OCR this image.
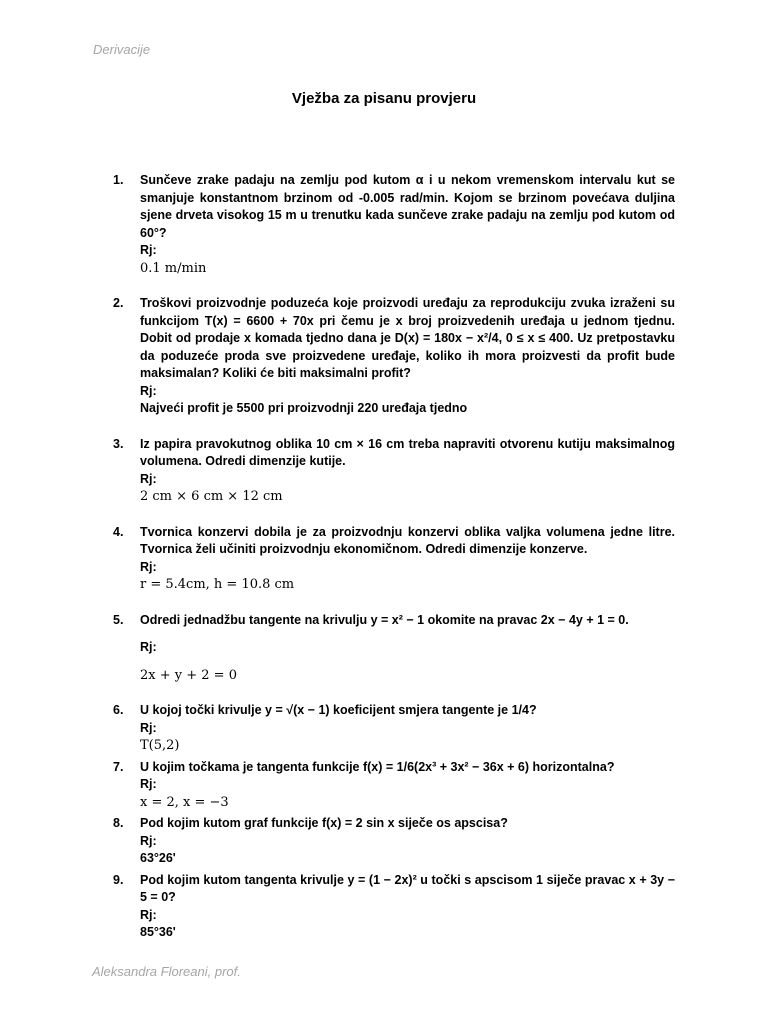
Derivacije
Vježba za pisanu provjeru
1. Sunčeve zrake padaju na zemlju pod kutom α i u nekom vremenskom intervalu kut se smanjuje konstantnom brzinom od -0.005 rad/min. Kojom se brzinom povećava duljina sjene drveta visokog 15 m u trenutku kada sunčeve zrake padaju na zemlju pod kutom od 60°?
Rj:
0.1 m/min
2. Troškovi proizvodnje poduzeća koje proizvodi uređaju za reprodukciju zvuka izraženi su funkcijom T(x) = 6600 + 70x pri čemu je x broj proizvedenih uređaja u jednom tjednu. Dobit od prodaje x komada tjedno dana je D(x) = 180x − x²/4, 0 ≤ x ≤ 400. Uz pretpostavku da poduzeće proda sve proizvedene uređaje, koliko ih mora proizvesti da profit bude maksimalan? Koliki će biti maksimalni profit?
Rj:
Najveći profit je 5500 pri proizvodnji 220 uređaja tjedno
3. Iz papira pravokutnog oblika 10 cm × 16 cm treba napraviti otvorenu kutiju maksimalnog volumena. Odredi dimenzije kutije.
Rj:
2 cm × 6 cm × 12 cm
4. Tvornica konzervi dobila je za proizvodnju konzervi oblika valjka volumena jedne litre. Tvornica želi učiniti proizvodnju ekonomičnom. Odredi dimenzije konzerve.
Rj:
r = 5.4cm, h = 10.8 cm
5. Odredi jednadžbu tangente na krivulju y = x² − 1 okomite na pravac 2x − 4y + 1 = 0.
Rj:
2x + y + 2 = 0
6. U kojoj točki krivulje y = √(x − 1) koeficijent smjera tangente je 1/4?
Rj:
T(5,2)
7. U kojim točkama je tangenta funkcije f(x) = 1/6(2x³ + 3x² − 36x + 6) horizontalna?
Rj:
x = 2, x = −3
8. Pod kojim kutom graf funkcije f(x) = 2 sin x siječe os apscisa?
Rj:
63°26'
9. Pod kojim kutom tangenta krivulje y = (1 − 2x)² u točki s apscisom 1 siječe pravac x + 3y − 5 = 0?
Rj:
85°36'
Aleksandra Floreani, prof.
